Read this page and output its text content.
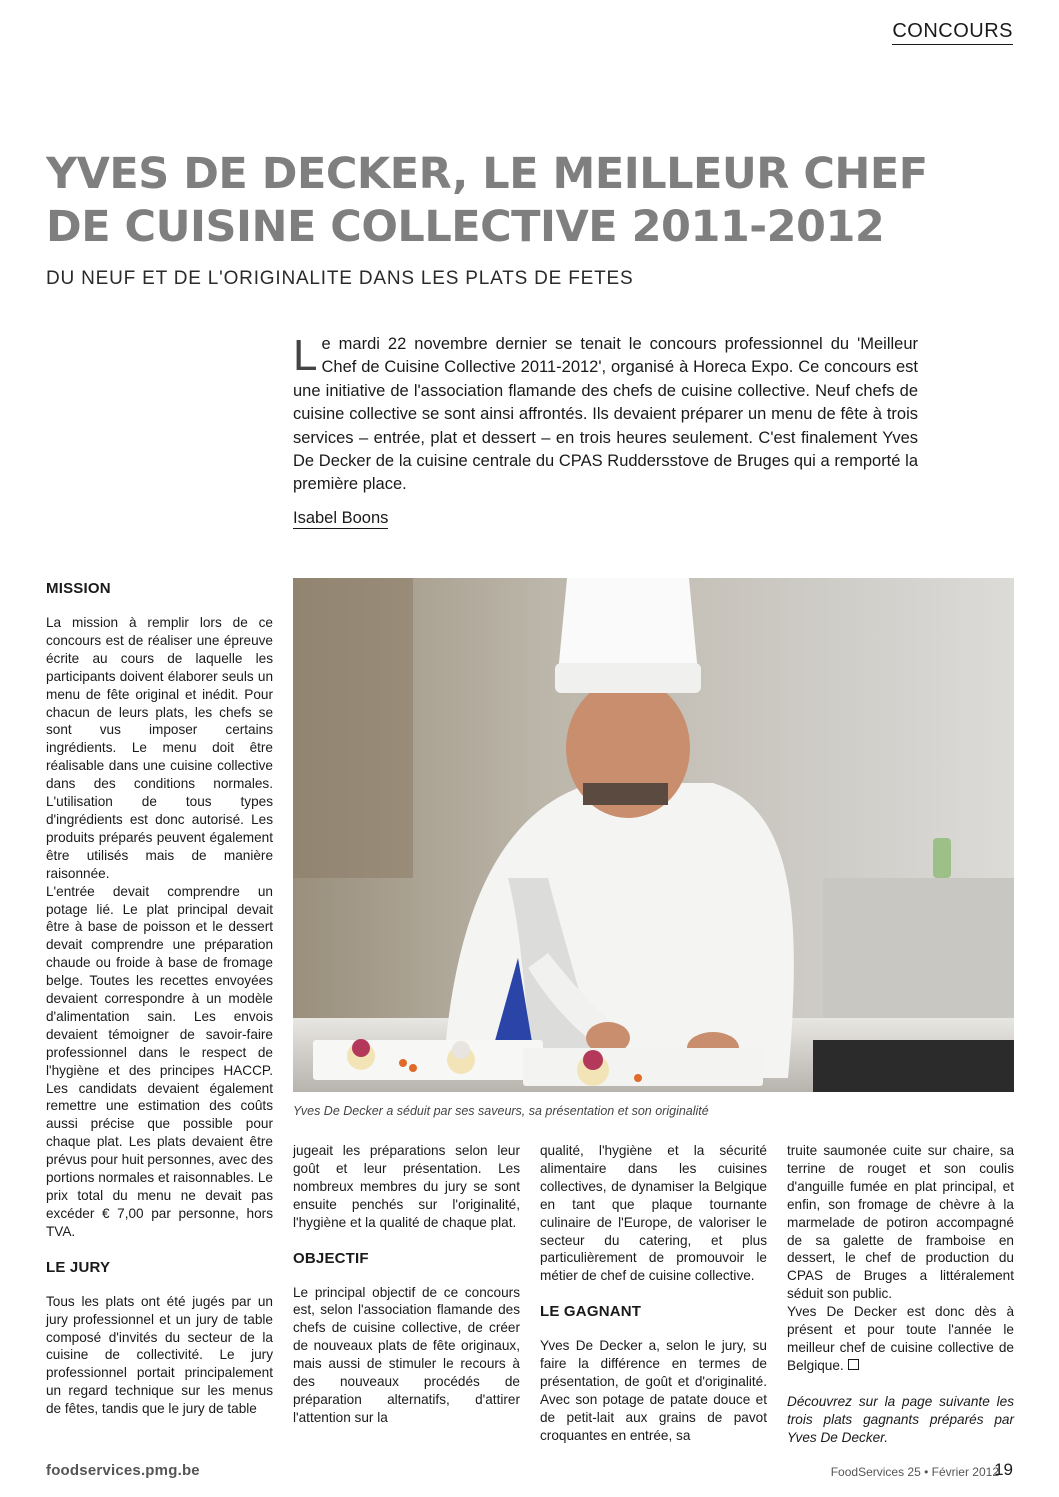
CONCOURS
YVES DE DECKER, LE MEILLEUR CHEF
DE CUISINE COLLECTIVE 2011-2012
DU NEUF ET DE L'ORIGINALITE DANS LES PLATS DE FETES
Le mardi 22 novembre dernier se tenait le concours professionnel du 'Meilleur Chef de Cuisine Collective 2011-2012', organisé à Horeca Expo. Ce concours est une initiative de l'association flamande des chefs de cuisine collective. Neuf chefs de cuisine collective se sont ainsi affrontés. Ils devaient préparer un menu de fête à trois services – entrée, plat et dessert – en trois heures seulement. C'est finalement Yves De Decker de la cuisine centrale du CPAS Ruddersstove de Bruges qui a remporté la première place.
Isabel Boons
Yves De Decker a séduit par ses saveurs, sa présentation et son originalité

MISSION

La mission à remplir lors de ce concours est de réaliser une épreuve écrite au cours de laquelle les participants doivent élaborer seuls un menu de fête original et inédit. Pour chacun de leurs plats, les chefs se sont vus imposer certains ingrédients. Le menu doit être réalisable dans une cuisine collective dans des conditions normales. L'utilisation de tous types d'ingrédients est donc autorisé. Les produits préparés peuvent également être utilisés mais de manière raisonnée.

L'entrée devait comprendre un potage lié. Le plat principal devait être à base de poisson et le dessert devait comprendre une préparation chaude ou froide à base de fromage belge. Toutes les recettes envoyées devaient correspondre à un modèle d'alimentation sain. Les envois devaient témoigner de savoir-faire professionnel dans le respect de l'hygiène et des principes HACCP. Les candidats devaient également remettre une estimation des coûts aussi précise que possible pour chaque plat. Les plats devaient être prévus pour huit personnes, avec des portions normales et raisonnables. Le prix total du menu ne devait pas excéder € 7,00 par personne, hors TVA.

LE JURY

Tous les plats ont été jugés par un jury professionnel et un jury de table composé d'invités du secteur de la cuisine de collectivité. Le jury professionnel portait principalement un regard technique sur les menus de fêtes, tandis que le jury de table

jugeait les préparations selon leur goût et leur présentation. Les nombreux membres du jury se sont ensuite penchés sur l'originalité, l'hygiène et la qualité de chaque plat.

OBJECTIF

Le principal objectif de ce concours est, selon l'association flamande des chefs de cuisine collective, de créer de nouveaux plats de fête originaux, mais aussi de stimuler le recours à des nouveaux procédés de préparation alternatifs, d'attirer l'attention sur la

qualité, l'hygiène et la sécurité alimentaire dans les cuisines collectives, de dynamiser la Belgique en tant que plaque tournante culinaire de l'Europe, de valoriser le secteur du catering, et plus particulièrement de promouvoir le métier de chef de cuisine collective.

LE GAGNANT

Yves De Decker a, selon le jury, su faire la différence en termes de présentation, de goût et d'originalité. Avec son potage de patate douce et de petit-lait aux grains de pavot croquantes en entrée, sa

truite saumonée cuite sur chaire, sa terrine de rouget et son coulis d'anguille fumée en plat principal, et enfin, son fromage de chèvre à la marmelade de potiron accompagné de sa galette de framboise en dessert, le chef de production du CPAS de Bruges a littéralement séduit son public.

Yves De Decker est donc dès à présent et pour toute l'année le meilleur chef de cuisine collective de Belgique.

Découvrez sur la page suivante les trois plats gagnants préparés par Yves De Decker.

foodservices.pmg.be	FoodServices 25 • Février 2012
19
